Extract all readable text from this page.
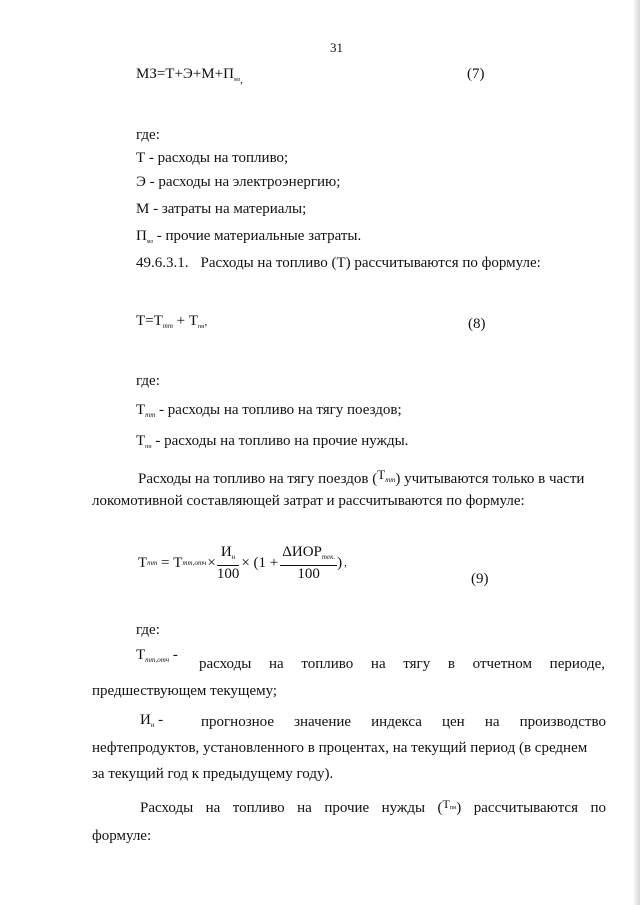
31
$МЗ=Т+Э+М+П_{мз,}$	(7)
где:
Т - расходы на топливо;
Э - расходы на электроэнергию;
М - затраты на материалы;
$П_{мз}$ - прочие материальные затраты.
49.6.3.1. Расходы на топливо (Т) рассчитываются по формуле:
$Т=Т_{тт} + Т_{пн}$,	(8)
где:
$Т_{тт}$ - расходы на топливо на тягу поездов;
$Т_{пн}$ - расходы на топливо на прочие нужды.
Расходы на топливо на тягу поездов (Ттт) учитываются только в части
локомотивной составляющей затрат и рассчитываются по формуле:
Т тт = Т $тт,отч \times \frac{И_н}{100} \times (1 + \frac{\Delta ИОР_{тек.}}{100}$ ) ,
(9)
где:
$Т_{тт,отч}$ -
расходы на топливо на тягу в отчетном периоде,
предшествующем текущему;
$И_н$ -	прогнозное значение индекса цен на производство
нефтепродуктов, установленного в процентах, на текущий период (в среднем
за текущий год к предыдущему году).
Расходы на топливо на прочие нужды ($^{Тпн}$) рассчитываются по
формуле:
